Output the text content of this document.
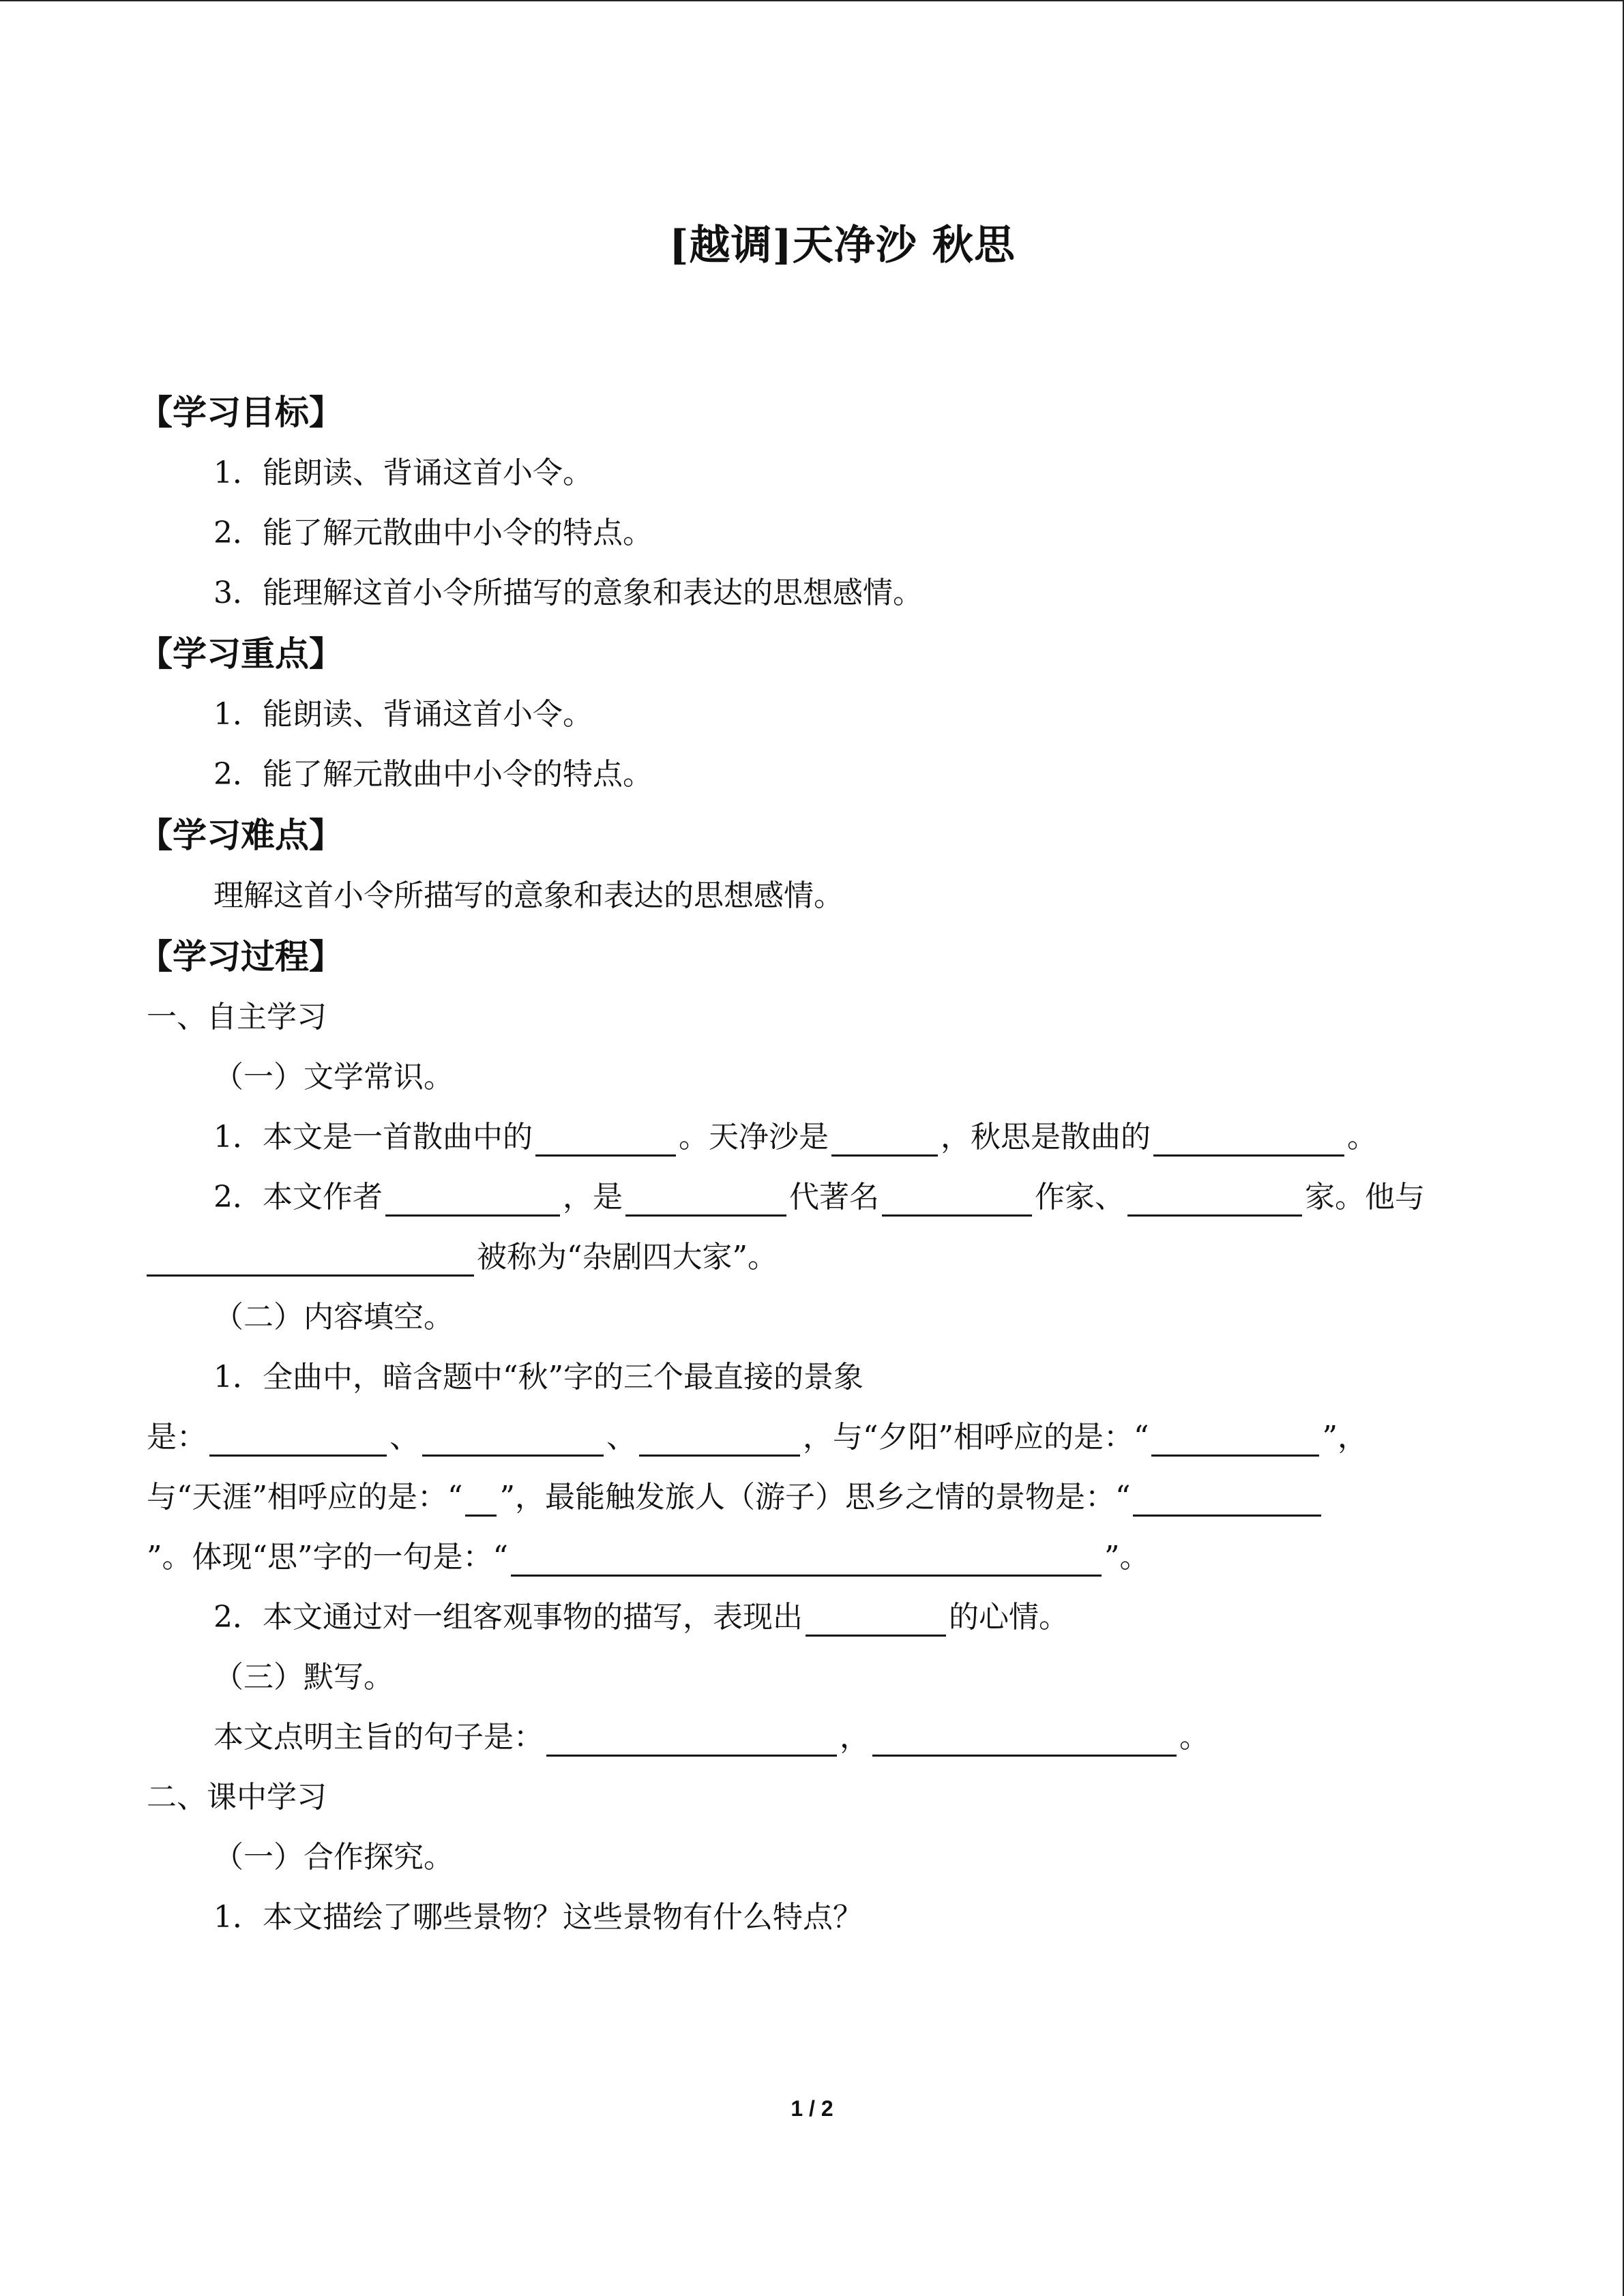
[越调]天净沙 秋思
【学习目标】
1．能朗读、背诵这首小令。
2．能了解元散曲中小令的特点。
3．能理解这首小令所描写的意象和表达的思想感情。
【学习重点】
1．能朗读、背诵这首小令。
2．能了解元散曲中小令的特点。
【学习难点】
理解这首小令所描写的意象和表达的思想感情。
【学习过程】
一、自主学习
（一）文学常识。
1．本文是一首散曲中的	。天净沙是	，秋思是散曲的	。
2．本文作者	，是	代著名	作家、	家。他与
被称为“杂剧四大家”。
（二）内容填空。
1．全曲中，暗含题中“秋”字的三个最直接的景象
是：	、	、	，与“夕阳”相呼应的是：“	”，
与“天涯”相呼应的是：“ ”，最能触发旅人（游子）思乡之情的景物是：“
”。体现“思”字的一句是：“	”。
2．本文通过对一组客观事物的描写，表现出	的心情。
（三）默写。
本文点明主旨的句子是：	，	。
二、课中学习
（一）合作探究。
1．本文描绘了哪些景物？这些景物有什么特点？
1 / 2
